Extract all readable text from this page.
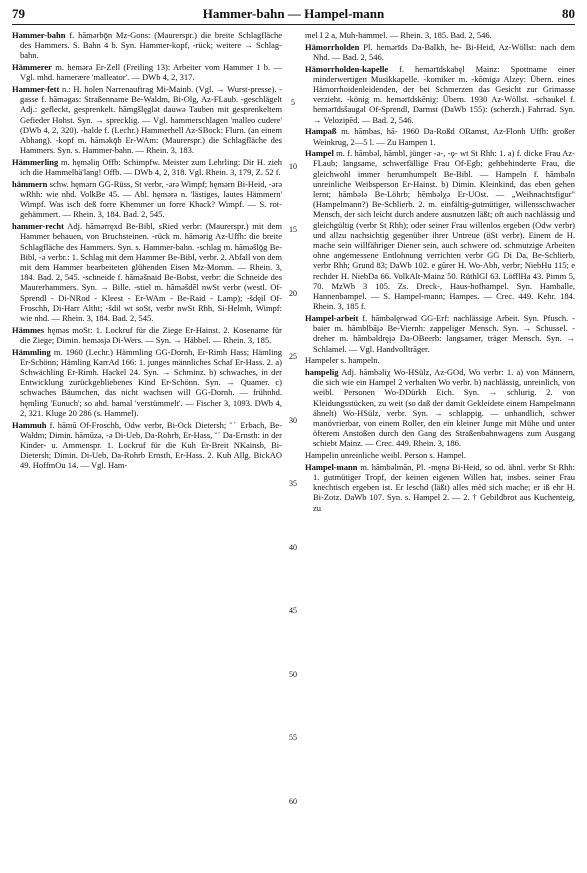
79	Hammer-bahn — Hampel-mann	80

Hammer-bahn f. hāmǝrbǭn Mz-Gons: (Maurerspr.) die breite Schlagfläche des Hammers. S. Bahn 4 b. Syn. Hammer-kopf, -rück; weitere → Schlag-bahn.

Hämmerer m. hemǝrǝ Er-Zell (Freiling 13): Arbeiter vom Hammer 1 b. — Vgl. mhd. hamerære 'malleator'. — DWb 4, 2, 317.

Hammer-fett n.: H. holen Narrenauftrag Mi-Mainb. (Vgl. → Wurst-presse). -gasse f. hāmǝgas: Straßenname Be-Waldm, Bi-Olg, Az-FLaub. -geschlägelt Adj.: gefleckt, gesprenkelt. hāmgšlęglǝt dauwǝ Tauben mit gesprenkeltem Gefieder Hohst. Syn. → sprecklig. — Vgl. hammerschlagen 'malleo cudere' (DWb 4, 2, 320). -halde f. (Lechr.) Hammerhell Az-SBock: Flurn. (an einem Abhang). -kopf m. hāmǝkǭb Er-WAm: (Maurerspr.) die Schlagfläche des Hammers. Syn. s. Hammer-bahn. — Rhein. 3, 183.

Hämmerling m. hęmǝliŋ Offb: Schimpfw. Meister zum Lehrling: Dir H. zieh ich die Hammelbä'lang! Offb. — DWb 4, 2, 318. Vgl. Rhein. 3, 179, Z. 52 f.

hämmern schw. hęmǝrn GG-Rüss, St verbr, -ǝrǝ Wimpf; hęmǝrn Bi-Heid, -ǝrǝ wRhh: wie nhd. VolkBe 45. — Abl. hęmǝrǝ n. 'lästiges, lautes Hämmern' Wimpf. Was isch deß forre Khemmer un forre Khack? Wimpf. — S. rot-gehämmert. — Rhein. 3, 184. Bad. 2, 545.

hammer-recht Adj. hāmǝrręxd Be-Bibl, sRied verbr: (Maurerspr.) mit dem Hammer behauen, von Bruchsteinen. -rück m. hāmǝrig Az-Uffh: die breite Schlagfläche des Hammers. Syn. s. Hammer-bahn. -schlag m. hāmǝšlǭg Be-Bibl, -ǝ verbr.: 1. Schlag mit dem Hammer Be-Bibl, verbr. 2. Abfall von dem mit dem Hammer bearbeiteten glühenden Eisen Mz-Momm. — Rhein. 3, 184. Bad. 2, 545. -schneide f. hāmǝšnaid Be-Bobst, verbr: die Schneide des Maurerhammers. Syn. → Bille. -stiel m. hāmǝšdēl nwSt verbr (westl. Of-Sprendl - Di-NRod - Kleest - Er-WAm - Be-Raid - Lamp); -šdęil Of-Froschh, Di-Harr Altht; -šdil wt soSt, verbr nwSt Rhh, Si-Helmh, Wimpf: wie nhd. — Rhein. 3, 184. Bad. 2, 545.

Hämmes hęmǝs moSt: 1. Lockruf für die Ziege Er-Hainst. 2. Kosename für die Ziege; Dimin. hemǝsjǝ Di-Wers. — Syn. → Häbbel. — Rhein. 3, 185.

Hämmling m. 1960 (Lechr.) Hämmling GG-Dornh, Er-Rimh Hass; Hämling Er-Schönn; Hämling KarrAd 166: 1. junges männliches Schaf Er-Hass. 2. a) Schwächling Er-Rimh. Hackel 24. Syn. → Schminz. b) schwaches, in der Entwicklung zurückgebliebenes Kind Er-Schönn. Syn. → Quamer. c) schwaches Bäumchen, das nicht wachsen will GG-Dornh. — frühnhd. hęmling 'Eunuch'; so ahd. hamal 'verstümmelt'. — Fischer 3, 1093. DWb 4, 2, 321. Kluge 20 286 (s. Hammel).

Hammuh f. hāmū Of-Froschh, Odw verbr, Bi-Ock Dietersh; ˘ˊ Erbach, Be-Waldm; Dimin. hāmūzǝ, -ǝ Di-Ueb, Da-Rohrb, Er-Hass, ˘ˊ Da-Ernsth: in der Kinder- u. Ammenspr. 1. Lockruf für die Kuh Er-Breit NKainsb, Bi-Dietersh; Dimin. Di-Ueb, Da-Rohrb Ernsth, Er-Hass. 2. Kuh Allg. BickAO 49. HoffmOu 14. — Vgl. Ham-

5
10
15
20
25
30
35
40
45
50
55
60

mel I 2 a, Muh-hammel. — Rhein. 3, 185. Bad. 2, 546.

Hämorrholden Pl. hemǝrīds Da-Balkh, he- Bi-Heid, Az-Wöllst: nach dem Nhd. — Bad. 2, 546.

Hämorrholden-kapelle f. hemǝrīdskabęl Mainz: Spottname einer minderwertigen Musikkapelle. -komiker m. -kōmigǝ Alzey: Übern. eines Hämorrhoidenleidenden, der bei Schmerzen das Gesicht zur Grimasse verzieht. -könig m. hemǝrīdskēniχ: Übern. 1930 Az-Wöllst. -schaukel f. hemǝrīdsšaugǝl Of-Sprendl, Darmst (DaWb 155): (scherzh.) Fahrrad. Syn. → Velozipĕd. — Bad. 2, 546.

Hampaß m. hāmbas, hā- 1960 Da-Roßd ORamst, Az-Flonh Uffh: großer Weinkrug, 2—5 l. — Zu Hampen 1.

Hampel m. f. hāmbǝl, hāmbl, jünger -ǝ-, -ǫ- wt St Rhh: 1. a) f. dicke Frau Az-FLaub; langsame, schwerfällige Frau Of-Egb; gehbehinderte Frau, die gleichwohl immer herumhumpelt Be-Bibl. — Hampeln f. hāmbǝln unreinliche Weibsperson Er-Hainst. b) Dimin. Kleinkind, das eben gehen lernt; hāmbǝlǝ Be-Löhrb; hēmbǝlχǝ Er-UOst. — „Weihnachtsfigur" (Hampelmann?) Be-Schlierb. 2. m. einfältig-gutmütiger, willensschwacher Mensch, der sich leicht durch andere ausnutzen läßt; oft auch nachlässig und gleichgültig (verbr St Rhh); oder seiner Frau willenlos ergeben (Odw verbr) und allzu nachsichtig gegenüber ihrer Untreue (öSt verbr). Einem de H. mache sein willfähriger Diener sein, auch schwere od. schmutzige Arbeiten ohne angemessene Entlohnung verrichten verbr GG Di Da, Be-Schlierb, verbr Rhh; Grund 83; DaWb 102. e gūrer H. Wo-Abh, verbr; NiebHu 115; e rechder H. NiebDa 66. VolkAlt-Mainz 50. RüthlGl 63. LöfflHa 43. Pimm 5, 70. MzWb 3 105. Zs. Dreck-, Haus-hofhampel. Syn. Hamballe, Hannenbampel. — S. Hampel-mann; Hampes. — Crec. 449. Kehr. 184. Rhein. 3, 185 f.

Hampel-arbeit f. hāmbǝlęrwǝd GG-Erf: nachlässige Arbeit. Syn. Pfusch. -baier m. hāmblbāįǝ Be-Viernh: zappeliger Mensch. Syn. → Schussel. -dreher m. hāmbǝldręįǝ Da-OBeerb: langsamer, träger Mensch. Syn. → Schlamel. — Vgl. Handvolltrāger.

Hampeler s. hampeln.

hampelig Adj. hāmbǝliχ Wo-HSülz, Az-GOd, Wo verbr: 1. a) von Männern, die sich wie ein Hampel 2 verhalten Wo verbr. b) nachlässig, unreinlich, von weibl. Personen Wo-DDürkh Eich. Syn. → schlurig. 2. von Kleidungsstücken, zu weit (so daß der damit Gekleidete einem Hampelmann ähnelt) Wo-HSülz, verbr. Syn. → schlappig. — unhandlich, schwer manövrierbar, von einem Roller, den ein kleiner Junge mit Mühe und unter öfterem Anstoßen durch den Gang des Straßenbahnwagens zum Ausgang schiebt Mainz. — Crec. 449. Rhein. 3, 186.

Hampelin unreinliche weibl. Person s. Hampel.

Hampel-mann m. hāmbǝlmān, Pl. -męnǝ Bi-Heid, so od. ähnl. verbr St Rhh: 1. gutmütiger Tropf, der keinen eigenen Willen hat, insbes. seiner Frau knechtisch ergeben ist. Er leschd (läßt) alles mèd sich mache; er iß ehr H. Bi-Zotz. DaWb 107. Syn. s. Hampel 2. — 2. † Gebildbrot aus Kuchenteig, zu
